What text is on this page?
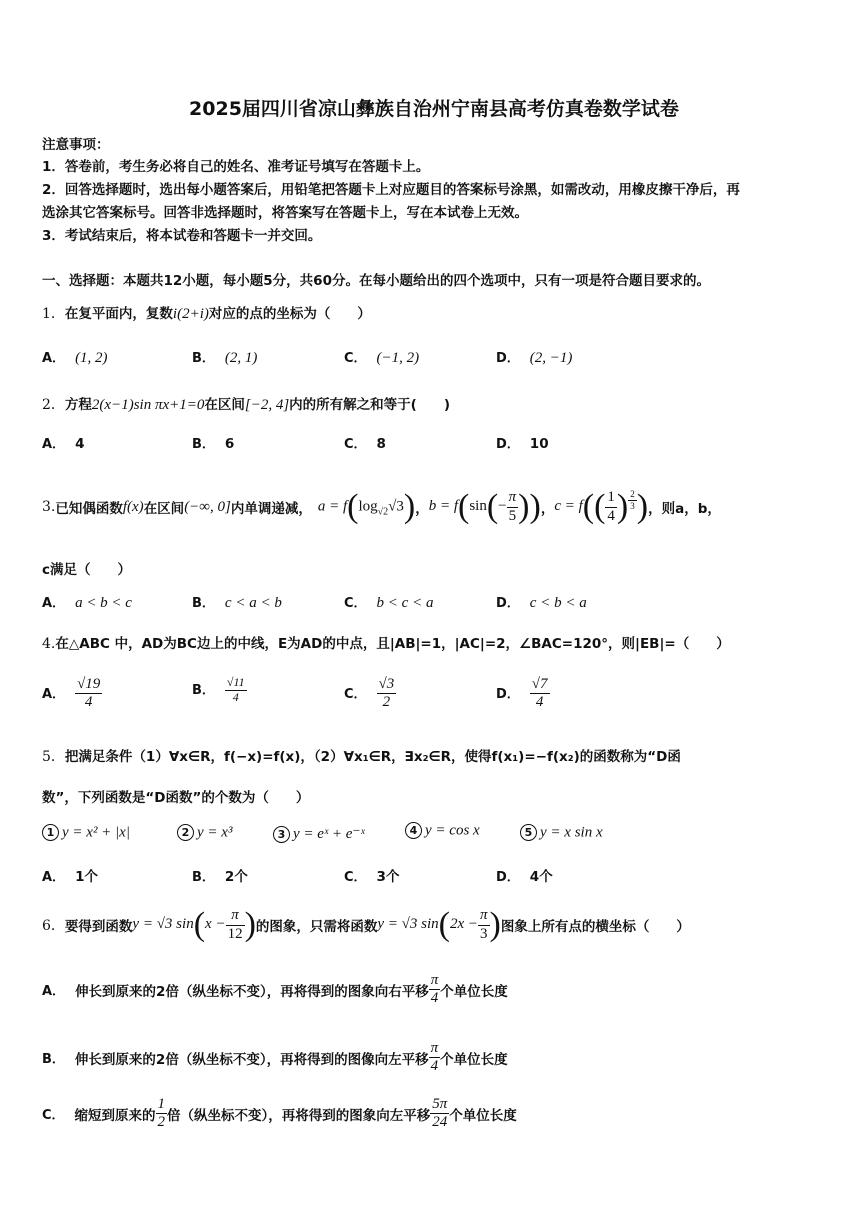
2025届四川省凉山彝族自治州宁南县高考仿真卷数学试卷
注意事项：
1．答卷前，考生务必将自己的姓名、准考证号填写在答题卡上。
2．回答选择题时，选出每小题答案后，用铅笔把答题卡上对应题目的答案标号涂黑，如需改动，用橡皮擦干净后，再
选涂其它答案标号。回答非选择题时，将答案写在答题卡上，写在本试卷上无效。
3．考试结束后，将本试卷和答题卡一并交回。
一、选择题：本题共12小题，每小题5分，共60分。在每小题给出的四个选项中，只有一项是符合题目要求的。
1．在复平面内，复数i(2+i)对应的点的坐标为（　　）
A． (1, 2)	B． (2, 1)	C． (−1, 2)	D． (2, −1)
2．方程2(x−1)sin πx+1=0在区间[−2, 4]内的所有解之和等于(　　)
A． 4	B． 6	C． 8	D． 10
3. 已知偶函数 f(x) 在区间 (−∞, 0] 内单调递减， $a = f(\log_{√2}√3)$ ， $b = f(\sin(- \frac{\pi}{5}$ )) ， $c = f(( \frac{1}{4}$ ) $\frac{2}{3}$ ) ，则a，b，
c满足（　　）
A． a < b < c	B． c < a < b	C． b < c < a	D． c < b < a
4.在△ABC 中，AD为BC边上的中线，E为AD的中点，且|AB|=1，|AC|=2，∠BAC=120°，则|EB|=（　　）
A． $\frac{√19}{4}$	B． $\frac{√11}{4}$	C． $\frac{√3}{2}$	D． $\frac{√7}{4}$
5．把满足条件（1）∀x∈R，f(−x)=f(x)，（2）∀x₁∈R，∃x₂∈R，使得f(x₁)=−f(x₂)的函数称为“D函
数”，下列函数是“D函数”的个数为（　　）
1 y = x² + |x|	2 y = x³	3 y = eˣ + e⁻ˣ	4 y = cos x	5 y = x sin x
A． 1个	B． 2个	C． 3个	D． 4个
6． 要得到函数 y = √3 $\sin(x - \frac{\pi}{12}$ ) 的图象，只需将函数 y = √3 $\sin(2x - \frac{\pi}{3}$ ) 图象上所有点的横坐标（　　）
A． 伸长到原来的2倍（纵坐标不变），再将得到的图象向右平移 $\frac{\pi}{4}$ 个单位长度
B． 伸长到原来的2倍（纵坐标不变），再将得到的图像向左平移 $\frac{\pi}{4}$ 个单位长度
C． 缩短到原来的 $\frac{1}{2}$ 倍（纵坐标不变），再将得到的图象向左平移 $\frac{5\pi}{24}$ 个单位长度
